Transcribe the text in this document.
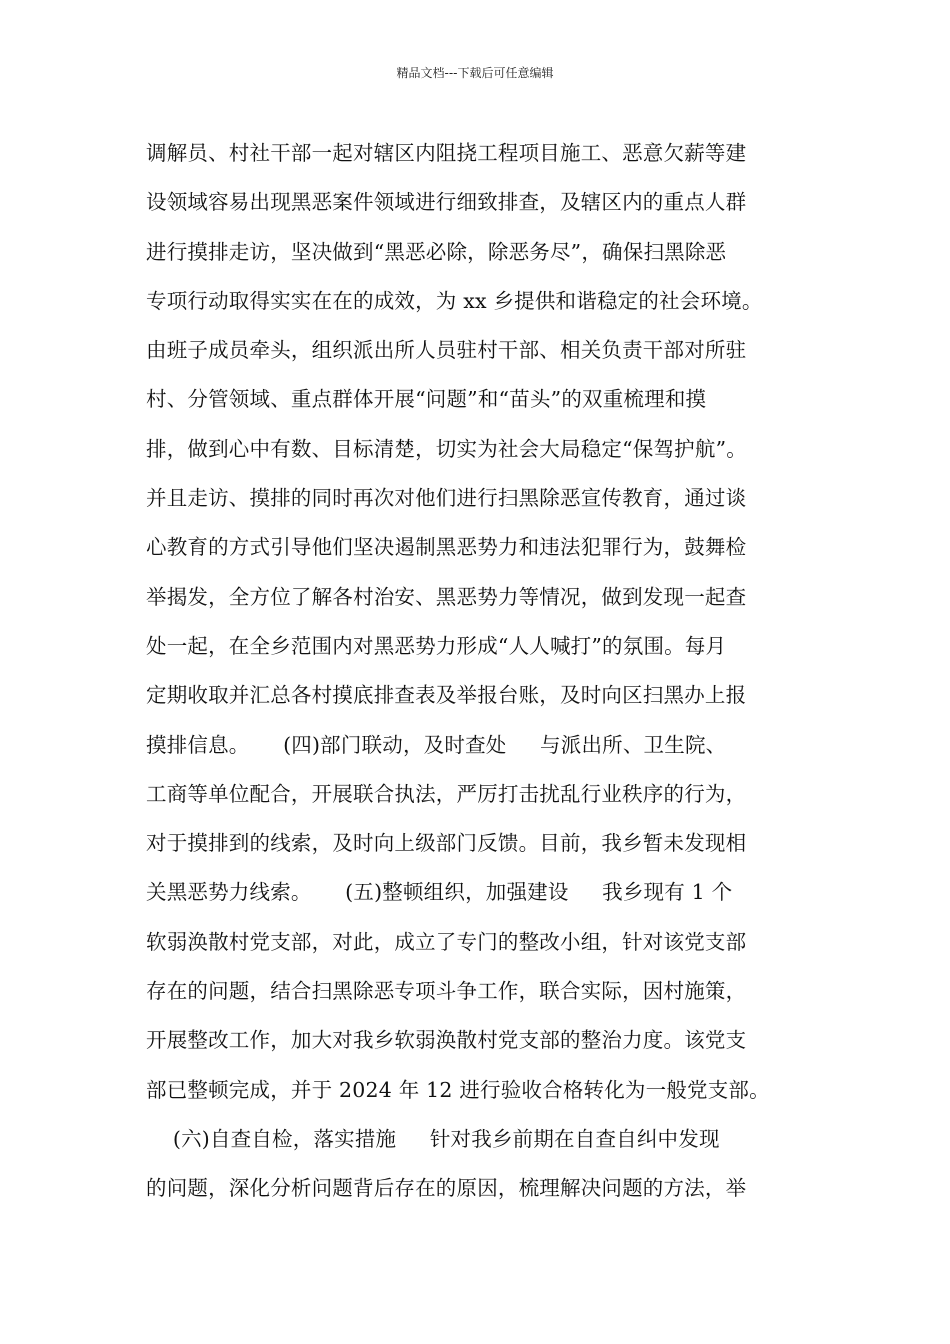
精品文档---下载后可任意编辑
调解员、村社干部一起对辖区内阻挠工程项目施工、恶意欠薪等建
设领域容易出现黑恶案件领域进行细致排查，及辖区内的重点人群
进行摸排走访，坚决做到“黑恶必除，除恶务尽”，确保扫黑除恶
专项行动取得实实在在的成效，为 xx 乡提供和谐稳定的社会环境。
由班子成员牵头，组织派出所人员驻村干部、相关负责干部对所驻
村、分管领域、重点群体开展“问题”和“苗头”的双重梳理和摸
排，做到心中有数、目标清楚，切实为社会大局稳定“保驾护航”。
并且走访、摸排的同时再次对他们进行扫黑除恶宣传教育，通过谈
心教育的方式引导他们坚决遏制黑恶势力和违法犯罪行为，鼓舞检
举揭发，全方位了解各村治安、黑恶势力等情况，做到发现一起查
处一起，在全乡范围内对黑恶势力形成“人人喊打”的氛围。每月
定期收取并汇总各村摸底排查表及举报台账，及时向区扫黑办上报
摸排信息。     (四)部门联动，及时查处     与派出所、卫生院、
工商等单位配合，开展联合执法，严厉打击扰乱行业秩序的行为，
对于摸排到的线索，及时向上级部门反馈。目前，我乡暂未发现相
关黑恶势力线索。     (五)整顿组织，加强建设     我乡现有 1 个
软弱涣散村党支部，对此，成立了专门的整改小组，针对该党支部
存在的问题，结合扫黑除恶专项斗争工作，联合实际，因村施策，
开展整改工作，加大对我乡软弱涣散村党支部的整治力度。该党支
部已整顿完成，并于 2024 年 12 进行验收合格转化为一般党支部。
(六)自查自检，落实措施     针对我乡前期在自查自纠中发现
的问题，深化分析问题背后存在的原因，梳理解决问题的方法，举
